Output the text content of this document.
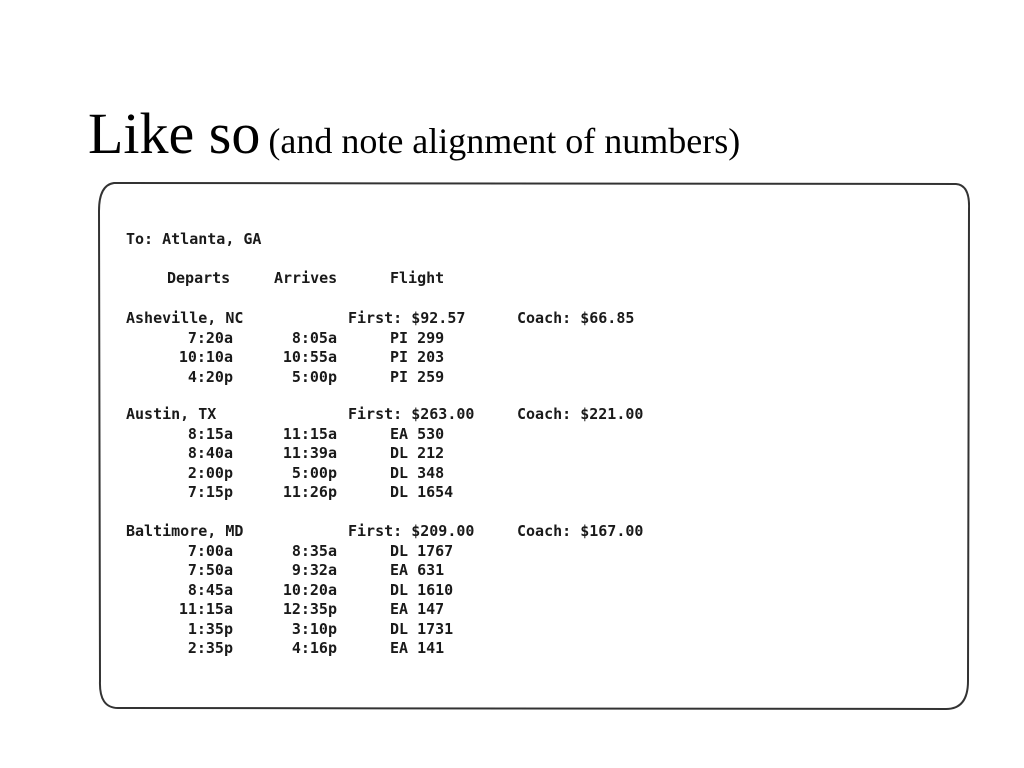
Like so (and note alignment of numbers)
To: Atlanta, GA
Departs	Arrives	Flight
Asheville, NC	First: $92.57	Coach: $66.85
7:20a	8:05a	PI 299
10:10a	10:55a	PI 203
4:20p	5:00p	PI 259
Austin, TX	First: $263.00	Coach: $221.00
8:15a	11:15a	EA 530
8:40a	11:39a	DL 212
2:00p	5:00p	DL 348
7:15p	11:26p	DL 1654
Baltimore, MD	First: $209.00	Coach: $167.00
7:00a	8:35a	DL 1767
7:50a	9:32a	EA 631
8:45a	10:20a	DL 1610
11:15a	12:35p	EA 147
1:35p	3:10p	DL 1731
2:35p	4:16p	EA 141
